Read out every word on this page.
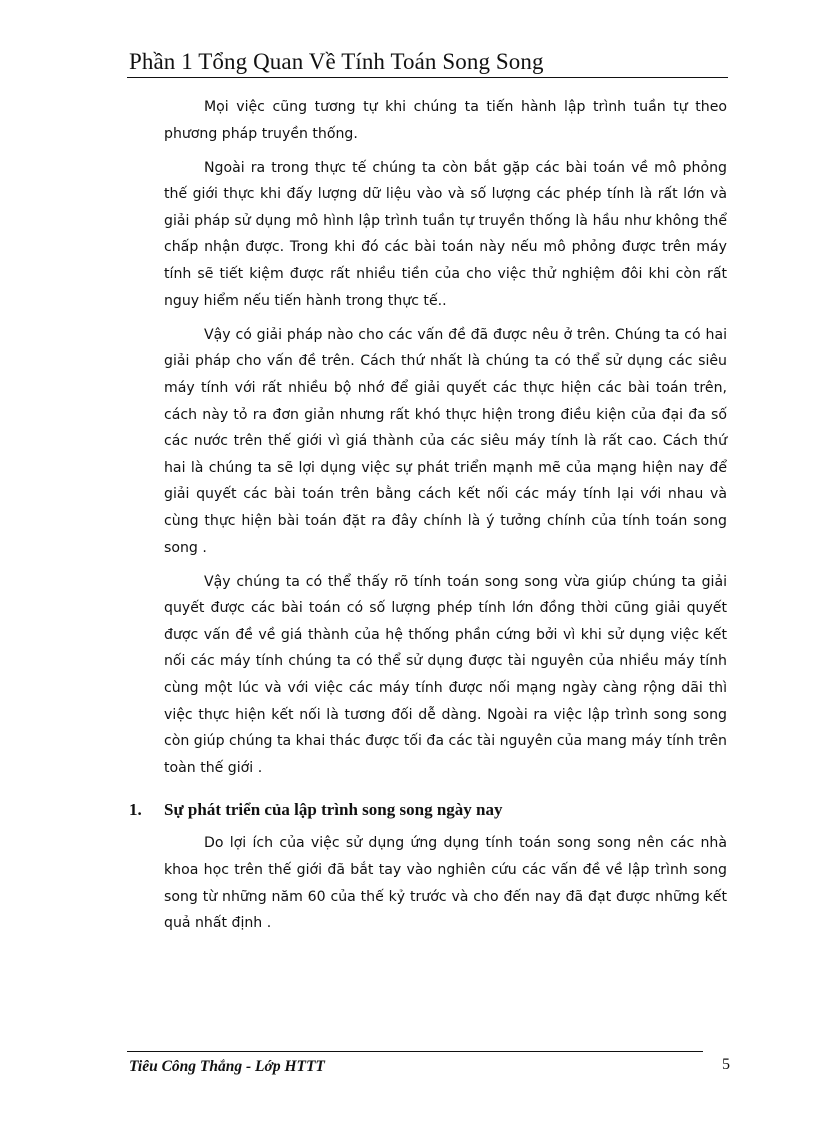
Phần 1 Tổng Quan Về Tính Toán Song Song

Mọi việc cũng tương tự khi chúng ta tiến hành lập trình tuần tự theo phương pháp truyền thống.

Ngoài ra trong thực tế chúng ta còn bắt gặp các bài toán về mô phỏng thế giới thực khi đấy lượng dữ liệu vào và số lượng các phép tính là rất lớn và giải pháp sử dụng mô hình lập trình tuần tự truyền thống là hầu như không thể chấp nhận được. Trong khi đó các bài toán này nếu mô phỏng được trên máy tính sẽ tiết kiệm được rất nhiều tiền của cho việc thử nghiệm đôi khi còn rất nguy hiểm nếu tiến hành trong thực tế..

Vậy có giải pháp nào cho các vấn đề đã được nêu ở trên. Chúng ta có hai giải pháp cho vấn đề trên. Cách thứ nhất là chúng ta có thể sử dụng các siêu máy tính với rất nhiều bộ nhớ để giải quyết các thực hiện các bài toán trên, cách này tỏ ra đơn giản nhưng rất khó thực hiện trong điều kiện của đại đa số các nước trên thế giới vì giá thành của các siêu máy tính là rất cao. Cách thứ hai là chúng ta sẽ lợi dụng việc sự phát triển mạnh mẽ của mạng hiện nay để giải quyết các bài toán trên bằng cách kết nối các máy tính lại với nhau và cùng thực hiện bài toán đặt ra đây chính là ý tưởng chính của tính toán song song .

Vậy chúng ta có thể thấy rõ tính toán song song vừa giúp chúng ta giải quyết được các bài toán có số lượng phép tính lớn đồng thời cũng giải quyết được vấn đề về giá thành của hệ thống phần cứng bởi vì khi sử dụng việc kết nối các máy tính chúng ta có thể sử dụng được tài nguyên của nhiều máy tính cùng một lúc và với việc các máy tính được nối mạng ngày càng rộng dãi thì việc thực hiện kết nối là tương đối dễ dàng. Ngoài ra việc lập trình song song còn giúp chúng ta khai thác được tối đa các tài nguyên của mang máy tính trên toàn thế giới .

1.	Sự phát triển của lập trình song song ngày nay

Do lợi ích của việc sử dụng ứng dụng tính toán song song nên các nhà khoa học trên thế giới đã bắt tay vào nghiên cứu các vấn đề về lập trình song song từ những năm 60 của thế kỷ trước và cho đến nay đã đạt được những kết quả nhất định .

Tiêu Công Thắng - Lớp HTTT	5
